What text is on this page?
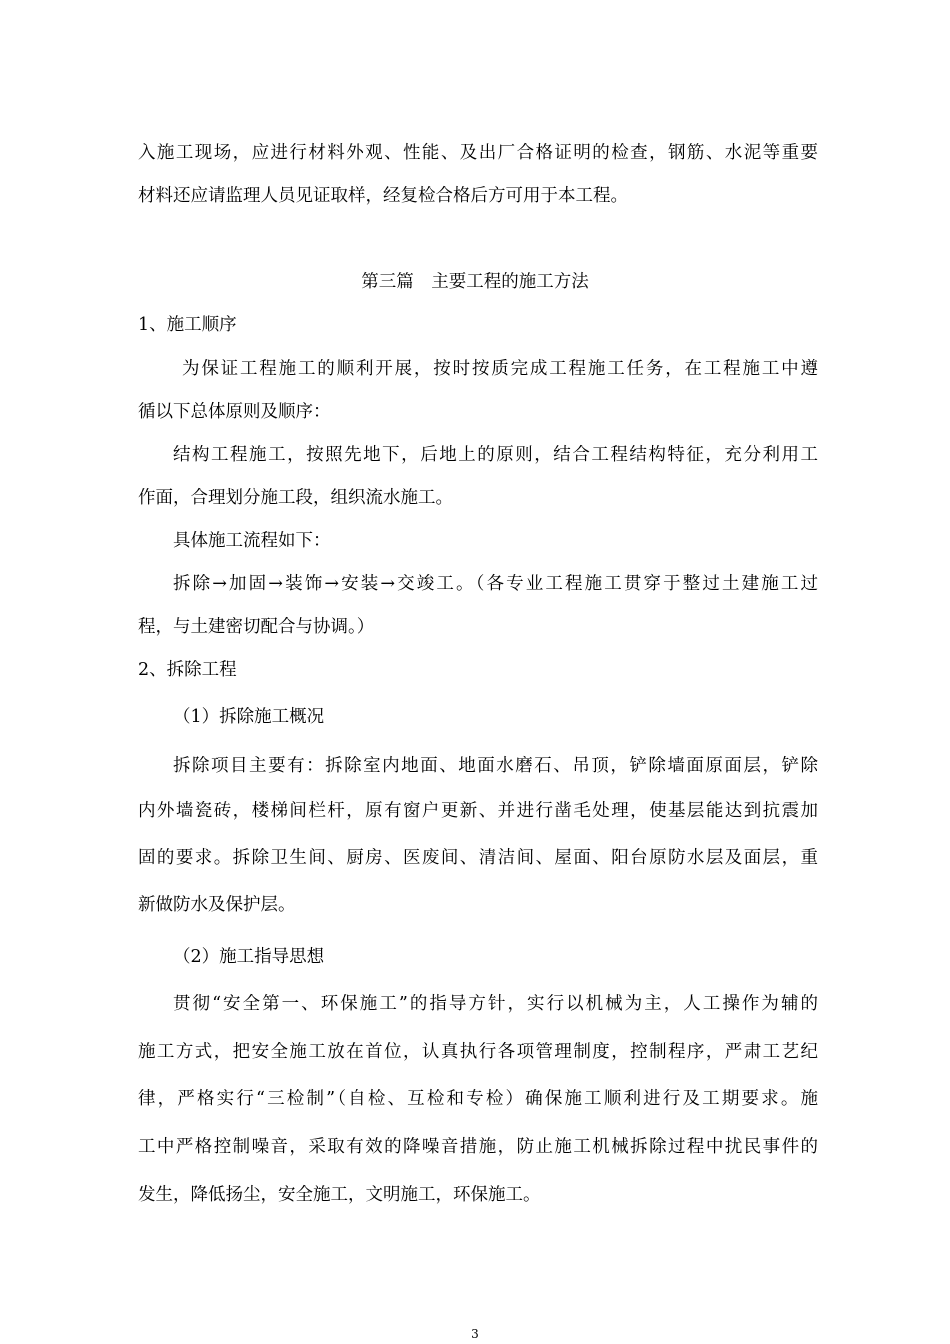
入施工现场，应进行材料外观、性能、及出厂合格证明的检查，钢筋、水泥等重要
材料还应请监理人员见证取样，经复检合格后方可用于本工程。
第三篇　主要工程的施工方法
1、施工顺序
为保证工程施工的顺利开展，按时按质完成工程施工任务，在工程施工中遵
循以下总体原则及顺序：
结构工程施工，按照先地下，后地上的原则，结合工程结构特征，充分利用工
作面，合理划分施工段，组织流水施工。
具体施工流程如下：
拆除→加固→装饰→安装→交竣工。（各专业工程施工贯穿于整过土建施工过
程，与土建密切配合与协调。）
2、拆除工程
（1）拆除施工概况
拆除项目主要有：拆除室内地面、地面水磨石、吊顶，铲除墙面原面层，铲除
内外墙瓷砖，楼梯间栏杆，原有窗户更新、并进行凿毛处理，使基层能达到抗震加
固的要求。拆除卫生间、厨房、医废间、清洁间、屋面、阳台原防水层及面层，重
新做防水及保护层。
（2）施工指导思想
贯彻“安全第一、环保施工”的指导方针，实行以机械为主，人工操作为辅的
施工方式，把安全施工放在首位，认真执行各项管理制度，控制程序，严肃工艺纪
律，严格实行“三检制”（自检、互检和专检）确保施工顺利进行及工期要求。施
工中严格控制噪音，采取有效的降噪音措施，防止施工机械拆除过程中扰民事件的
发生，降低扬尘，安全施工，文明施工，环保施工。
3
